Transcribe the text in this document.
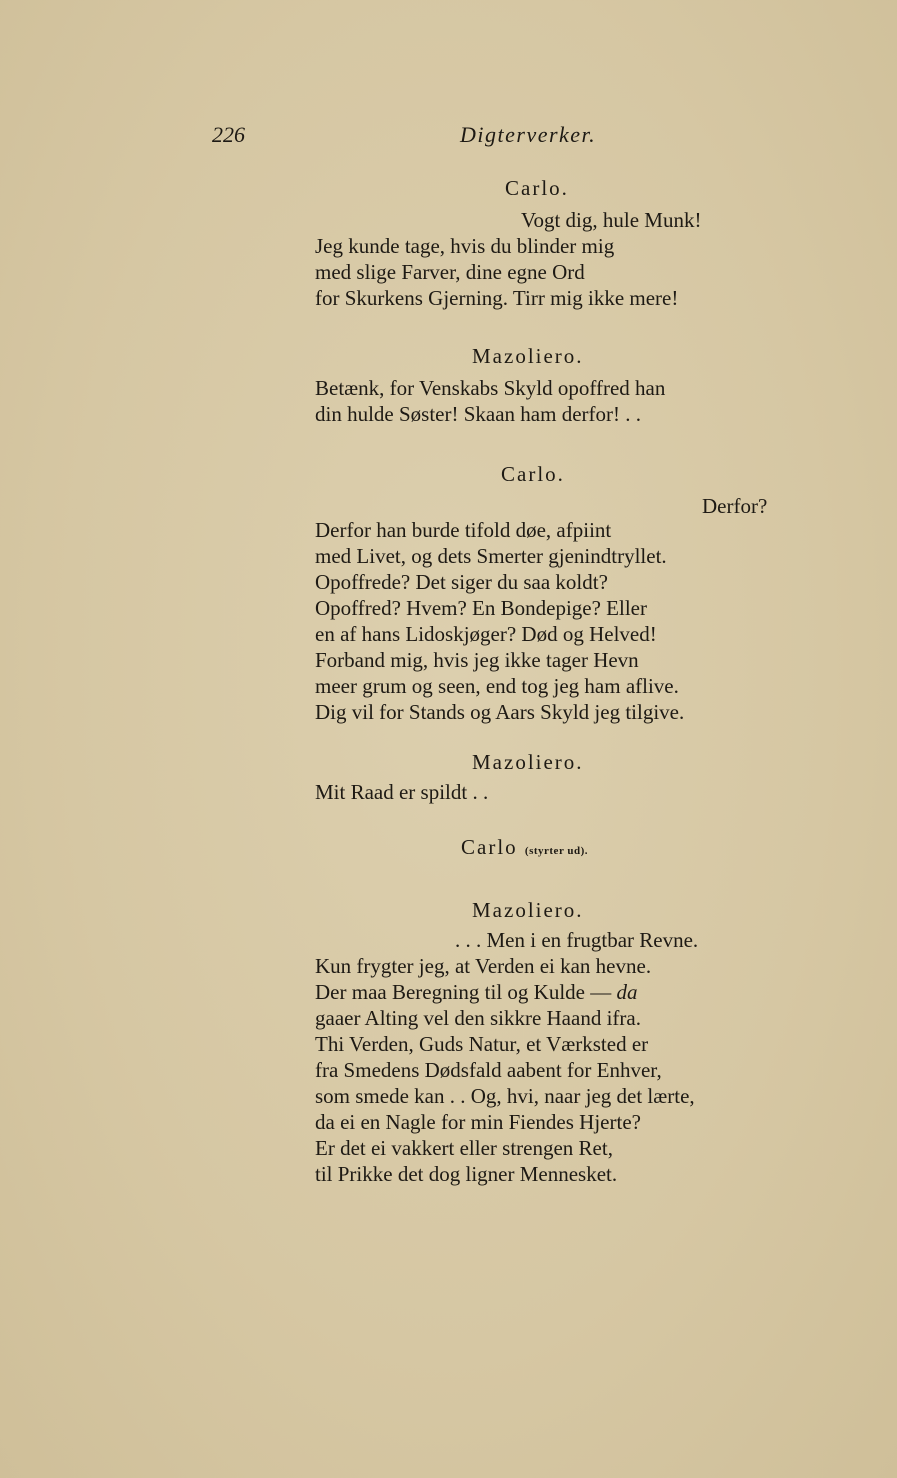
226	Digterverker.
Carlo.
Vogt dig, hule Munk!
Jeg kunde tage, hvis du blinder mig
med slige Farver, dine egne Ord
for Skurkens Gjerning. Tirr mig ikke mere!
Mazoliero.
Betænk, for Venskabs Skyld opoffred han
din hulde Søster! Skaan ham derfor! . .
Carlo.
Derfor?
Derfor han burde tifold døe, afpiint
med Livet, og dets Smerter gjenindtryllet.
Opoffrede? Det siger du saa koldt?
Opoffred? Hvem? En Bondepige? Eller
en af hans Lidoskjøger? Død og Helved!
Forband mig, hvis jeg ikke tager Hevn
meer grum og seen, end tog jeg ham aflive.
Dig vil for Stands og Aars Skyld jeg tilgive.
Mazoliero.
Mit Raad er spildt . .
Carlo (styrter ud).
Mazoliero.
. . . Men i en frugtbar Revne.
Kun frygter jeg, at Verden ei kan hevne.
Der maa Beregning til og Kulde — da
gaaer Alting vel den sikkre Haand ifra.
Thi Verden, Guds Natur, et Værksted er
fra Smedens Dødsfald aabent for Enhver,
som smede kan . . Og, hvi, naar jeg det lærte,
da ei en Nagle for min Fiendes Hjerte?
Er det ei vakkert eller strengen Ret,
til Prikke det dog ligner Mennesket.
